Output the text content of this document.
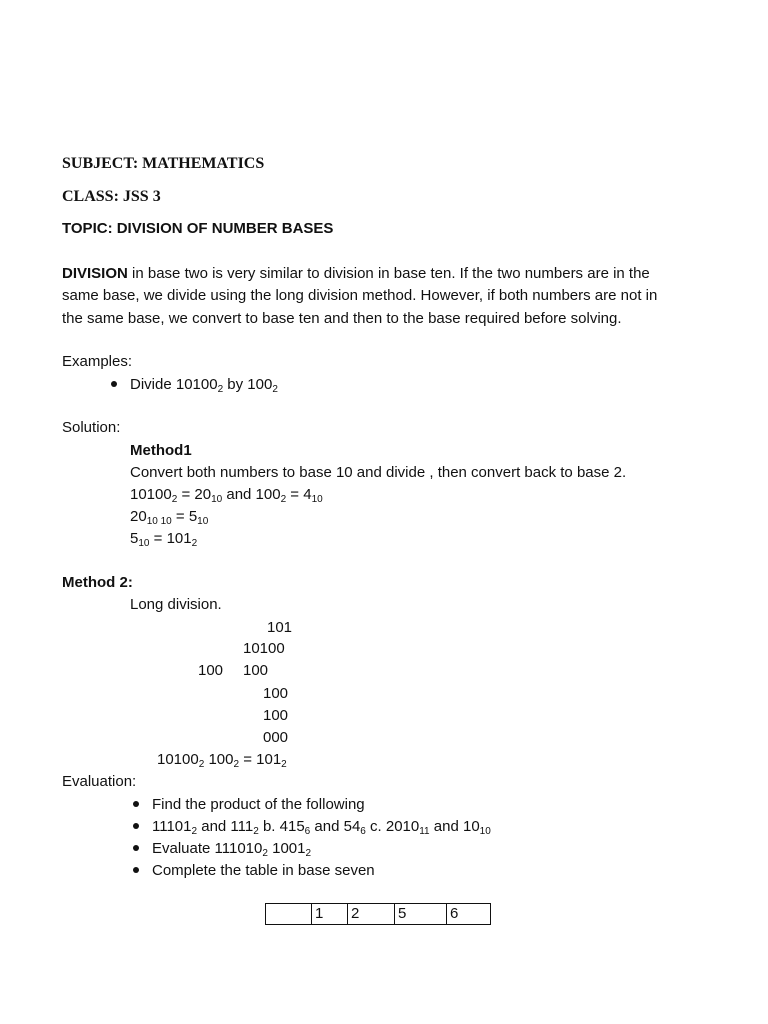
SUBJECT: MATHEMATICS
CLASS: JSS 3
TOPIC: DIVISION OF NUMBER BASES
DIVISION in base two is very similar to division in base ten. If the two numbers are in the
same base, we divide using the long division method. However, if both numbers are not in
the same base, we convert to base ten and then to the base required before solving.
Examples:
Divide $10100_2$ by $100_2$
Solution:
Method1
Convert both numbers to base 10 and divide , then convert back to base 2.
$10100_2 = 20_{10}$ and $100_2 = 4_{10}$
$20_{10 10} = 5_{10}$
$5_{10} = 101_2$
Method 2:
Long division.
101
10100
100 100
100
100
000
$10100_2$ $100_2 = 101_2$
Evaluation:
Find the product of the following
$11101_2$ and $111_2$ b. $415_6$ and $54_6$ c. $2010_{11}$ and $10_{10}$
Evaluate $111010_2$ $1001_2$
Complete the table in base seven
	1	2	5	6
